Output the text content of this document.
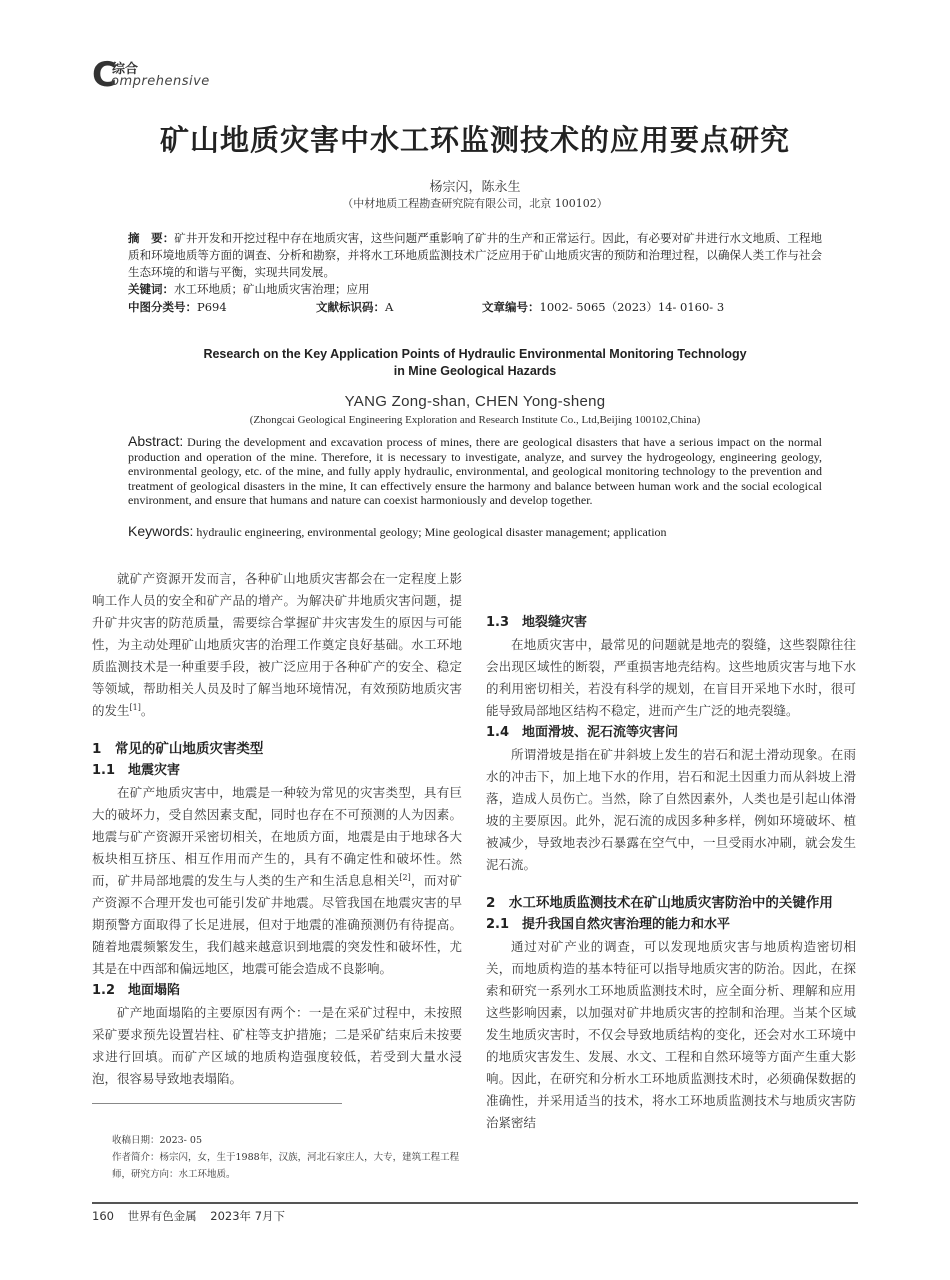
C
综合
omprehensive
矿山地质灾害中水工环监测技术的应用要点研究
杨宗闪，陈永生
（中材地质工程勘查研究院有限公司，北京 100102）
摘　要：矿井开发和开挖过程中存在地质灾害，这些问题严重影响了矿井的生产和正常运行。因此，有必要对矿井进行水文地质、工程地质和环境地质等方面的调查、分析和勘察，并将水工环地质监测技术广泛应用于矿山地质灾害的预防和治理过程，以确保人类工作与社会生态环境的和谐与平衡，实现共同发展。
关键词：水工环地质；矿山地质灾害治理；应用
中图分类号：P694	文献标识码：A	文章编号：1002- 5065（2023）14- 0160- 3
Research on the Key Application Points of Hydraulic Environmental Monitoring Technology
in Mine Geological Hazards
YANG Zong-shan, CHEN Yong-sheng
(Zhongcai Geological Engineering Exploration and Research Institute Co., Ltd,Beijing 100102,China)
Abstract: During the development and excavation process of mines, there are geological disasters that have a serious impact on the normal production and operation of the mine. Therefore, it is necessary to investigate, analyze, and survey the hydrogeology, engineering geology, environmental geology, etc. of the mine, and fully apply hydraulic, environmental, and geological monitoring technology to the prevention and treatment of geological disasters in the mine, It can effectively ensure the harmony and balance between human work and the social ecological environment, and ensure that humans and nature can coexist harmoniously and develop together.
Keywords: hydraulic engineering, environmental geology; Mine geological disaster management; application

就矿产资源开发而言，各种矿山地质灾害都会在一定程度上影响工作人员的安全和矿产品的增产。为解决矿井地质灾害问题，提升矿井灾害的防范质量，需要综合掌握矿井灾害发生的原因与可能性，为主动处理矿山地质灾害的治理工作奠定良好基础。水工环地质监测技术是一种重要手段，被广泛应用于各种矿产的安全、稳定等领域，帮助相关人员及时了解当地环境情况，有效预防地质灾害的发生[1]。

1　常见的矿山地质灾害类型
1.1　地震灾害

在矿产地质灾害中，地震是一种较为常见的灾害类型，具有巨大的破坏力，受自然因素支配，同时也存在不可预测的人为因素。地震与矿产资源开采密切相关，在地质方面，地震是由于地球各大板块相互挤压、相互作用而产生的，具有不确定性和破坏性。然而，矿井局部地震的发生与人类的生产和生活息息相关[2]，而对矿产资源不合理开发也可能引发矿井地震。尽管我国在地震灾害的早期预警方面取得了长足进展，但对于地震的准确预测仍有待提高。随着地震频繁发生，我们越来越意识到地震的突发性和破坏性，尤其是在中西部和偏远地区，地震可能会造成不良影响。

1.2　地面塌陷

矿产地面塌陷的主要原因有两个：一是在采矿过程中，未按照采矿要求预先设置岩柱、矿柱等支护措施；二是采矿结束后未按要求进行回填。而矿产区域的地质构造强度较低，若受到大量水浸泡，很容易导致地表塌陷。

1.3　地裂缝灾害

在地质灾害中，最常见的问题就是地壳的裂缝，这些裂隙往往会出现区域性的断裂，严重损害地壳结构。这些地质灾害与地下水的利用密切相关，若没有科学的规划，在盲目开采地下水时，很可能导致局部地区结构不稳定，进而产生广泛的地壳裂缝。

1.4　地面滑坡、泥石流等灾害问

所谓滑坡是指在矿井斜坡上发生的岩石和泥土滑动现象。在雨水的冲击下，加上地下水的作用，岩石和泥土因重力而从斜坡上滑落，造成人员伤亡。当然，除了自然因素外，人类也是引起山体滑坡的主要原因。此外，泥石流的成因多种多样，例如环境破坏、植被减少，导致地表沙石暴露在空气中，一旦受雨水冲刷，就会发生泥石流。

2　水工环地质监测技术在矿山地质灾害防治中的关键作用
2.1　提升我国自然灾害治理的能力和水平

通过对矿产业的调查，可以发现地质灾害与地质构造密切相关，而地质构造的基本特征可以指导地质灾害的防治。因此，在探索和研究一系列水工环地质监测技术时，应全面分析、理解和应用这些影响因素，以加强对矿井地质灾害的控制和治理。当某个区域发生地质灾害时，不仅会导致地质结构的变化，还会对水工环境中的地质灾害发生、发展、水文、工程和自然环境等方面产生重大影响。因此，在研究和分析水工环地质监测技术时，必须确保数据的准确性，并采用适当的技术，将水工环地质监测技术与地质灾害防治紧密结

收稿日期：2023- 05
作者简介：杨宗闪，女，生于1988年，汉族，河北石家庄人，大专，建筑工程工程师，研究方向：水工环地质。
160 世界有色金属 2023年 7月下
